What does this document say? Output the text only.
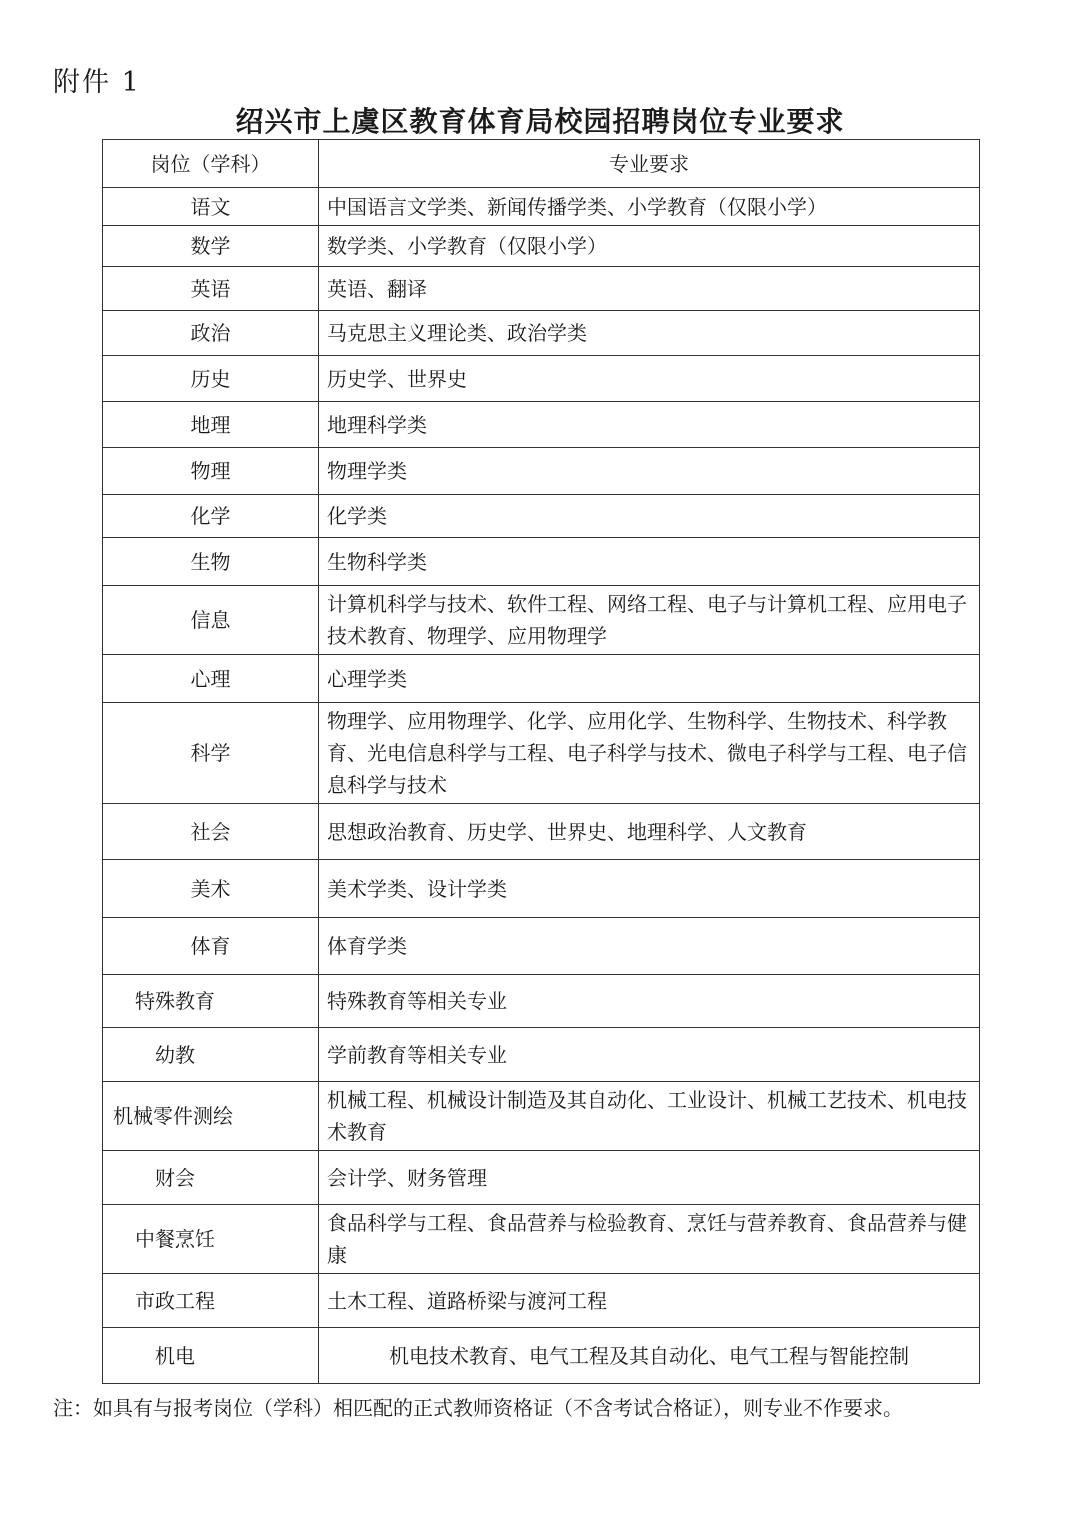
附件 1
绍兴市上虞区教育体育局校园招聘岗位专业要求
岗位（学科）	专业要求
语文	中国语言文学类、新闻传播学类、小学教育（仅限小学）
数学	数学类、小学教育（仅限小学）
英语	英语、翻译
政治	马克思主义理论类、政治学类
历史	历史学、世界史
地理	地理科学类
物理	物理学类
化学	化学类
生物	生物科学类
信息	计算机科学与技术、软件工程、网络工程、电子与计算机工程、应用电子技术教育、物理学、应用物理学
心理	心理学类
科学	物理学、应用物理学、化学、应用化学、生物科学、生物技术、科学教育、光电信息科学与工程、电子科学与技术、微电子科学与工程、电子信息科学与技术
社会	思想政治教育、历史学、世界史、地理科学、人文教育
美术	美术学类、设计学类
体育	体育学类
特殊教育	特殊教育等相关专业
幼教	学前教育等相关专业
机械零件测绘	机械工程、机械设计制造及其自动化、工业设计、机械工艺技术、机电技术教育
财会	会计学、财务管理
中餐烹饪	食品科学与工程、食品营养与检验教育、烹饪与营养教育、食品营养与健康
市政工程	土木工程、道路桥梁与渡河工程
机电	机电技术教育、电气工程及其自动化、电气工程与智能控制
注：如具有与报考岗位（学科）相匹配的正式教师资格证（不含考试合格证），则专业不作要求。
